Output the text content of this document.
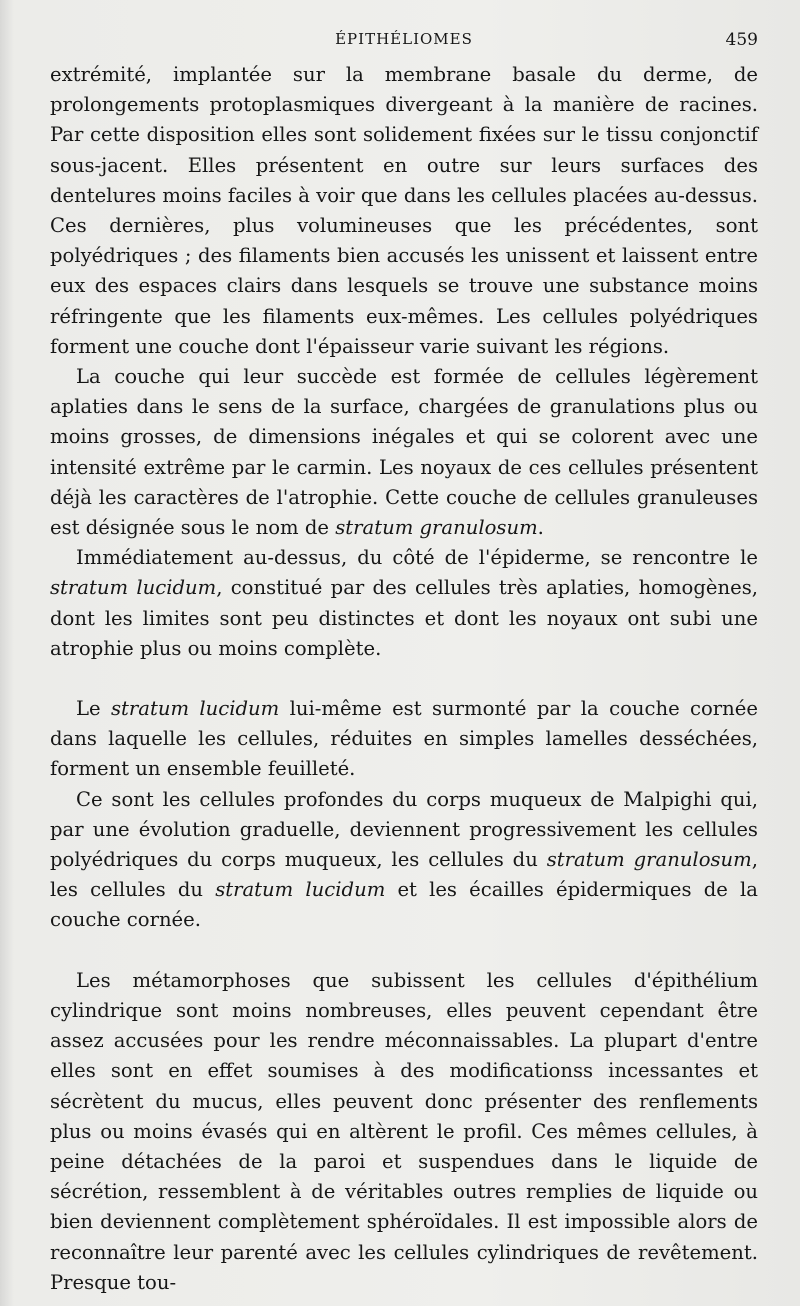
ÉPITHÉLIOMES	459

extrémité, implantée sur la membrane basale du derme, de prolongements protoplasmiques divergeant à la manière de racines. Par cette disposition elles sont solidement fixées sur le tissu conjonctif sous-jacent. Elles présentent en outre sur leurs surfaces des dentelures moins faciles à voir que dans les cellules placées au-dessus. Ces dernières, plus volumineuses que les précédentes, sont polyédriques ; des filaments bien accusés les unissent et laissent entre eux des espaces clairs dans lesquels se trouve une substance moins réfringente que les filaments eux-mêmes. Les cellules polyédriques forment une couche dont l'épaisseur varie suivant les régions.

La couche qui leur succède est formée de cellules légèrement aplaties dans le sens de la surface, chargées de granulations plus ou moins grosses, de dimensions inégales et qui se colorent avec une intensité extrême par le carmin. Les noyaux de ces cellules présentent déjà les caractères de l'atrophie. Cette couche de cellules granuleuses est désignée sous le nom de stratum granulosum.

Immédiatement au-dessus, du côté de l'épiderme, se rencontre le stratum lucidum, constitué par des cellules très aplaties, homogènes, dont les limites sont peu distinctes et dont les noyaux ont subi une atrophie plus ou moins complète.

Le stratum lucidum lui-même est surmonté par la couche cornée dans laquelle les cellules, réduites en simples lamelles desséchées, forment un ensemble feuilleté.

Ce sont les cellules profondes du corps muqueux de Malpighi qui, par une évolution graduelle, deviennent progressivement les cellules polyédriques du corps muqueux, les cellules du stratum granulosum, les cellules du stratum lucidum et les écailles épidermiques de la couche cornée.

Les métamorphoses que subissent les cellules d'épithélium cylindrique sont moins nombreuses, elles peuvent cependant être assez accusées pour les rendre méconnaissables. La plupart d'entre elles sont en effet soumises à des modificationss incessantes et sécrètent du mucus, elles peuvent donc présenter des renflements plus ou moins évasés qui en altèrent le profil. Ces mêmes cellules, à peine détachées de la paroi et suspendues dans le liquide de sécrétion, ressemblent à de véritables outres remplies de liquide ou bien deviennent complètement sphéroïdales. Il est impossible alors de reconnaître leur parenté avec les cellules cylindriques de revêtement. Presque tou-
